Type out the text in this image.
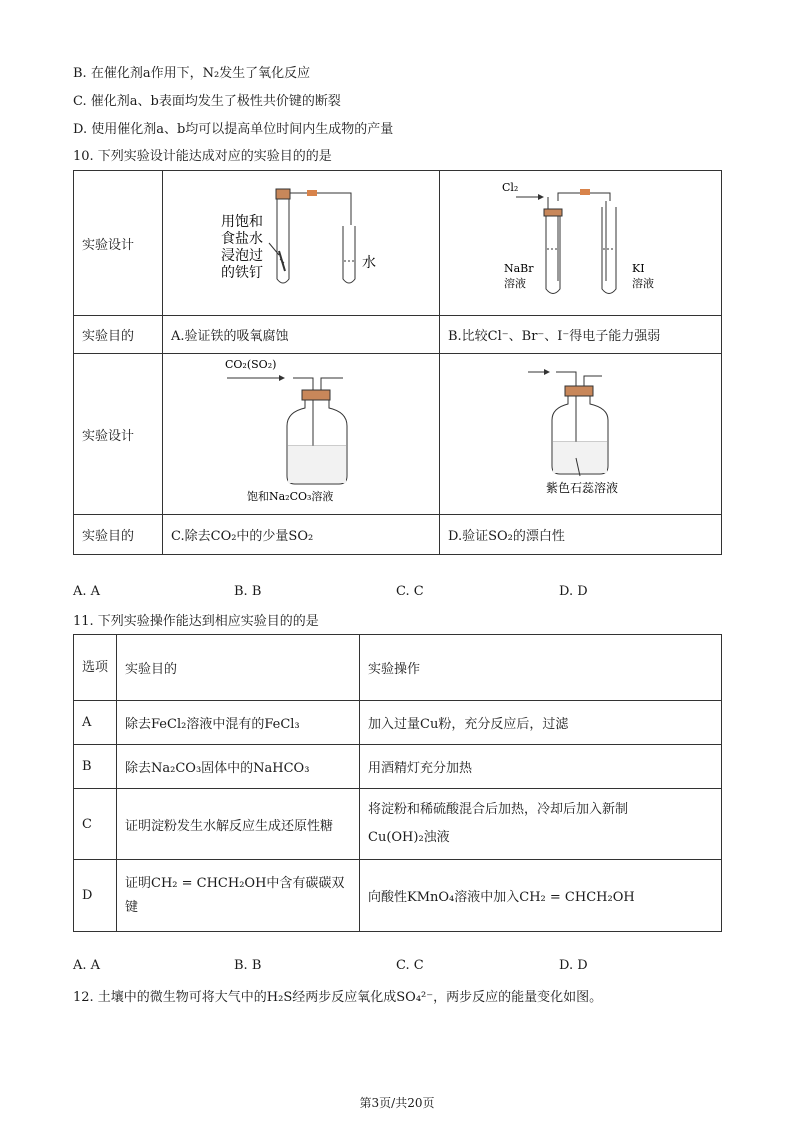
B. 在催化剂a作用下，N₂发生了氧化反应
C. 催化剂a、b表面均发生了极性共价键的断裂
D. 使用催化剂a、b均可以提高单位时间内生成物的产量
10. 下列实验设计能达成对应的实验目的的是
实验设计	用饱和
食盐水
浸泡过
的铁钉
水	Cl₂
NaBr
溶液
KI
溶液

实验目的	A.验证铁的吸氧腐蚀	B.比较Cl⁻、Br⁻、I⁻得电子能力强弱
实验设计	CO₂(SO₂)
饱和Na₂CO₃溶液	紫色石蕊溶液

实验目的	C.除去CO₂中的少量SO₂	D.验证SO₂的漂白性
A. A	B. B	C. C	D. D
11. 下列实验操作能达到相应实验目的的是
选项	实验目的	实验操作
A	除去FeCl₂溶液中混有的FeCl₃	加入过量Cu粉，充分反应后，过滤
B	除去Na₂CO₃固体中的NaHCO₃	用酒精灯充分加热
C	证明淀粉发生水解反应生成还原性糖	将淀粉和稀硫酸混合后加热，冷却后加入新制
Cu(OH)₂浊液

D	证明CH₂ = CHCH₂OH中含有碳碳双键	向酸性KMnO₄溶液中加入CH₂ = CHCH₂OH
A. A	B. B	C. C	D. D
12. 土壤中的微生物可将大气中的H₂S经两步反应氧化成SO₄²⁻，两步反应的能量变化如图。
第3页/共20页
